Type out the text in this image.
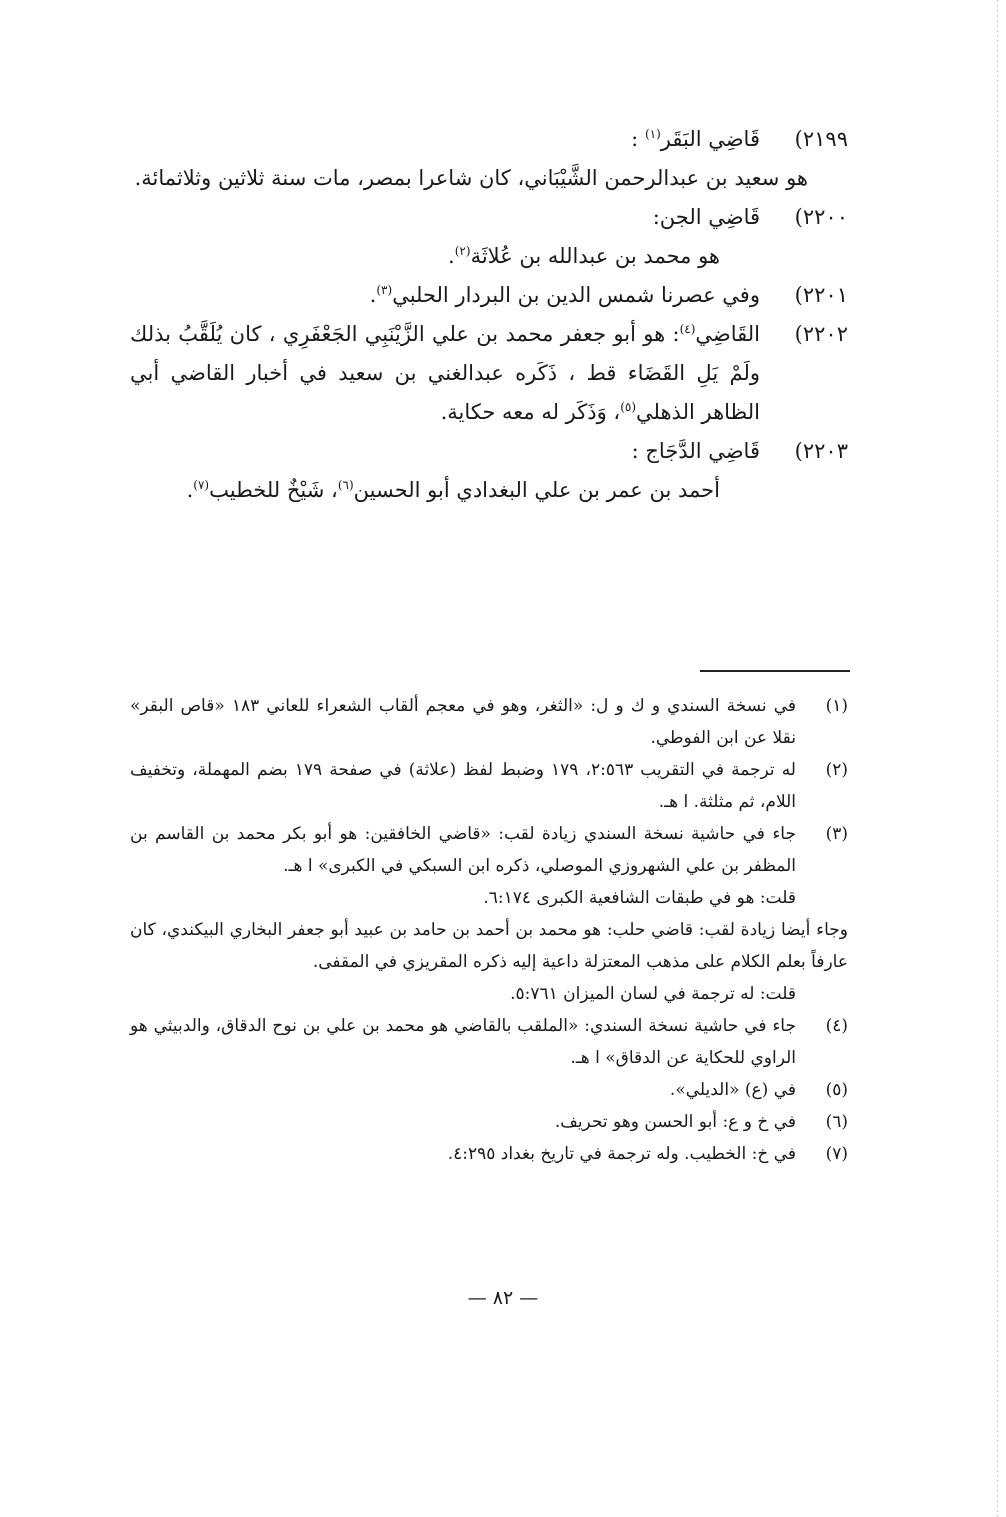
٢١٩٩)
قَاضِي البَقَر$^{(١)}$ :
هو سعيد بن عبدالرحمن الشَّيْبَاني، كان شاعرا بمصر، مات سنة ثلاثين وثلاثمائة.
٢٢٠٠)
قَاضِي الجن:
هو محمد بن عبدالله بن عُلاثَة$^{(٢)}$.
٢٢٠١)
وفي عصرنا شمس الدين بن البردار الحلبي$^{(٣)}$.
٢٢٠٢)
القَاضِي$^{(٤)}$: هو أبو جعفر محمد بن علي الزَّيْنَبِي الجَعْفَرِي ، كان يُلَقَّبُ بذلك ولَمْ يَلِ القَضَاء قط ، ذَكَره عبدالغني بن سعيد في أخبار القاضي أبي الظاهر الذهلي$^{(٥)}$، وَذَكَر له معه حكاية.
٢٢٠٣)
قَاضِي الدَّجَاج :
أحمد بن عمر بن علي البغدادي أبو الحسين$^{(٦)}$، شَيْخٌ للخطيب$^{(٧)}$.
(١)
في نسخة السندي و ك و ل: «الثغر، وهو في معجم ألقاب الشعراء للعاني ١٨٣ «قاص البقر» نقلا عن ابن الفوطي.
(٢)
له ترجمة في التقريب ٢:٥٦٣، ١٧٩ وضبط لفظ (علاثة) في صفحة ١٧٩ بضم المهملة، وتخفيف اللام، ثم مثلثة. ا هـ.
(٣)
جاء في حاشية نسخة السندي زيادة لقب: «قاضي الخافقين: هو أبو بكر محمد بن القاسم بن المظفر بن علي الشهروزي الموصلي، ذكره ابن السبكي في الكبرى» ا هـ.
قلت: هو في طبقات الشافعية الكبرى ٦:١٧٤.
وجاء أيضا زيادة لقب: قاضي حلب: هو محمد بن أحمد بن حامد بن عبيد أبو جعفر البخاري البيكندي، كان عارفاً بعلم الكلام على مذهب المعتزلة داعية إليه ذكره المقريزي في المقفى.
قلت: له ترجمة في لسان الميزان ٥:٧٦١.
(٤)
جاء في حاشية نسخة السندي: «الملقب بالقاضي هو محمد بن علي بن نوح الدقاق، والدبيثي هو الراوي للحكاية عن الدقاق» ا هـ.
(٥)
في (ع) «الديلي».
(٦)
في خ و ع: أبو الحسن وهو تحريف.
(٧)
في خ: الخطيب. وله ترجمة في تاريخ بغداد ٤:٢٩٥.
— ٨٢ —
